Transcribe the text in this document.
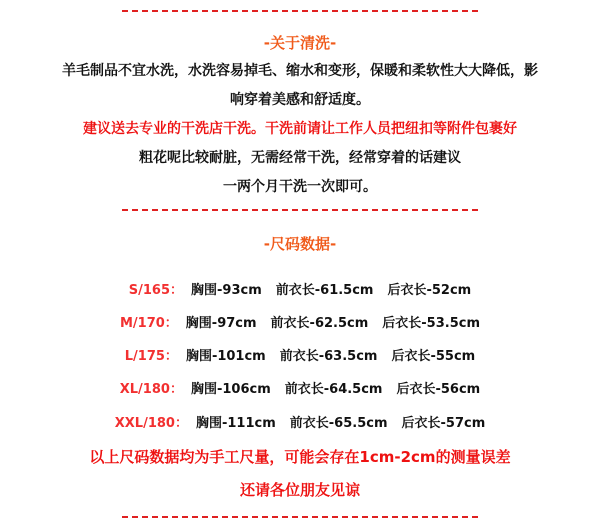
-关于清洗-
羊毛制品不宜水洗，水洗容易掉毛、缩水和变形，保暖和柔软性大大降低，影
响穿着美感和舒适度。
建议送去专业的干洗店干洗。干洗前请让工作人员把纽扣等附件包裹好
粗花呢比较耐脏，无需经常干洗，经常穿着的话建议
一两个月干洗一次即可。
-尺码数据-
S/165： 胸围-93cm 前衣长-61.5cm 后衣长-52cm
M/170： 胸围-97cm 前衣长-62.5cm 后衣长-53.5cm
L/175： 胸围-101cm 前衣长-63.5cm 后衣长-55cm
XL/180： 胸围-106cm 前衣长-64.5cm 后衣长-56cm
XXL/180： 胸围-111cm 前衣长-65.5cm 后衣长-57cm
以上尺码数据均为手工尺量，可能会存在1cm-2cm的测量误差
还请各位朋友见谅
